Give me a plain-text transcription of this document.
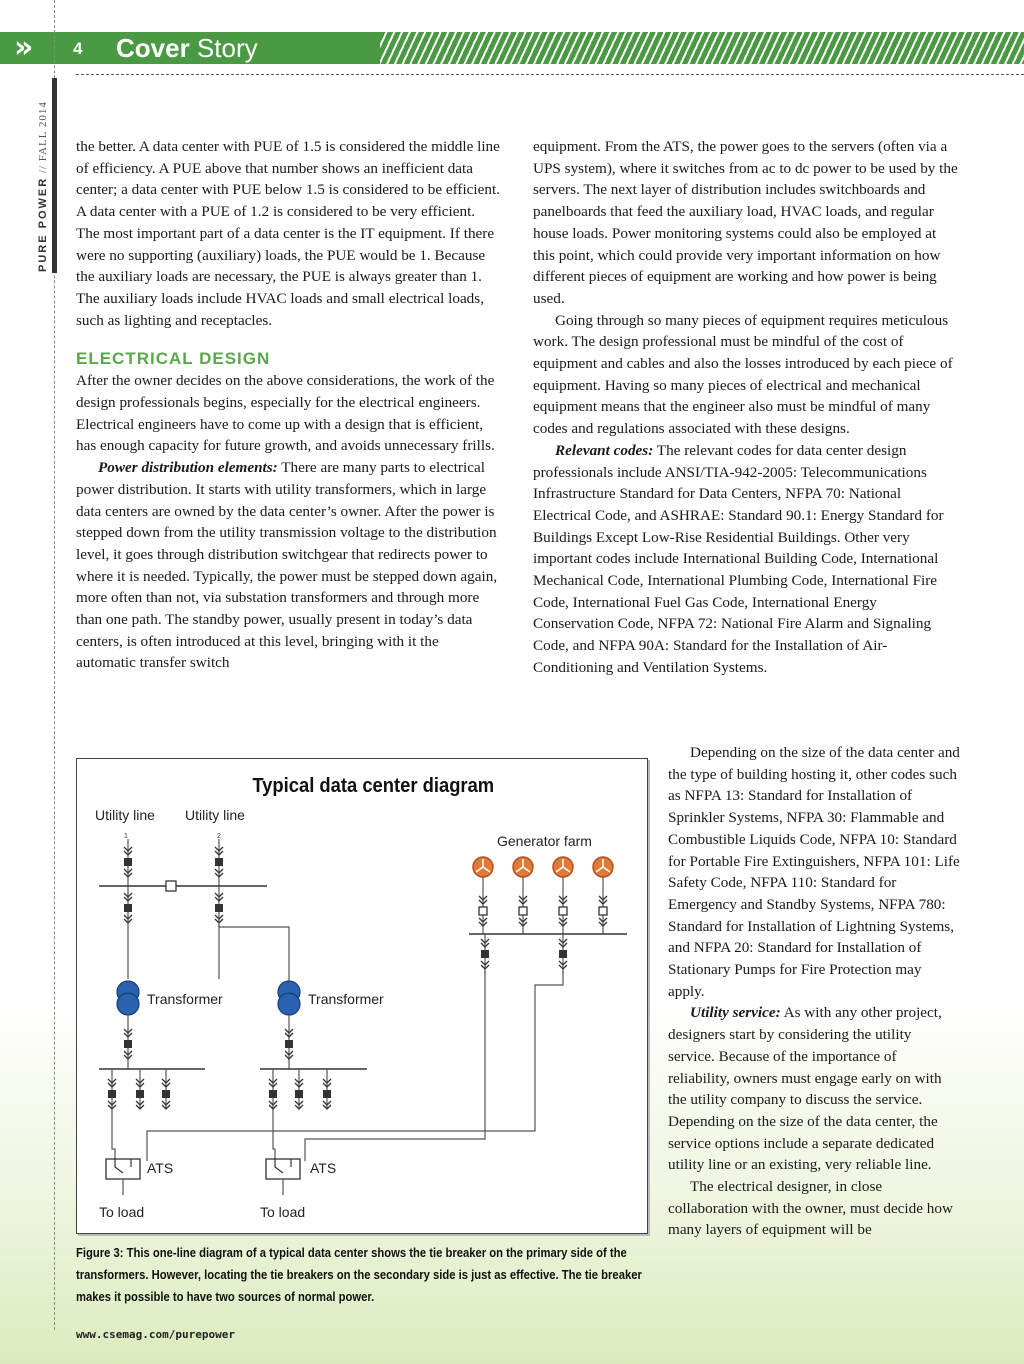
»	4 Cover Story
PURE POWER // FALL 2014 the better. A data center with PUE of 1.5 is considered the middle line of efficiency. A PUE above that number shows an inefficient data center; a data center with PUE below 1.5 is considered to be efficient. A data center with a PUE of 1.2 is considered to be very efficient. The most important part of a data center is the IT equipment. If there were no supporting (auxiliary) loads, the PUE would be 1. Because the auxiliary loads are necessary, the PUE is always greater than 1. The auxiliary loads include HVAC loads and small electrical loads, such as lighting and receptacles.

ELECTRICAL DESIGN

After the owner decides on the above considerations, the work of the design professionals begins, especially for the electrical engineers. Electrical engineers have to come up with a design that is efficient, has enough capacity for future growth, and avoids unnecessary frills.

Power distribution elements: There are many parts to electrical power distribution. It starts with utility transformers, which in large data centers are owned by the data center’s owner. After the power is stepped down from the utility transmission voltage to the distribution level, it goes through distribution switchgear that redirects power to where it is needed. Typically, the power must be stepped down again, more often than not, via substation transformers and through more than one path. The standby power, usually present in today’s data centers, is often introduced at this level, bringing with it the automatic transfer switch

equipment. From the ATS, the power goes to the servers (often via a UPS system), where it switches from ac to dc power to be used by the servers. The next layer of distribution includes switchboards and panelboards that feed the auxiliary load, HVAC loads, and regular house loads. Power monitoring systems could also be employed at this point, which could provide very important information on how different pieces of equipment are working and how power is being used.

Going through so many pieces of equipment requires meticulous work. The design professional must be mindful of the cost of equipment and cables and also the losses introduced by each piece of equipment. Having so many pieces of electrical and mechanical equipment means that the engineer also must be mindful of many codes and regulations associated with these designs.

Relevant codes: The relevant codes for data center design professionals include ANSI/TIA-942-2005: Telecommunications Infrastructure Standard for Data Centers, NFPA 70: National Electrical Code, and ASHRAE: Standard 90.1: Energy Standard for Buildings Except Low-Rise Residential Buildings. Other very important codes include International Building Code, International Mechanical Code, International Plumbing Code, International Fire Code, International Fuel Gas Code, International Energy Conservation Code, NFPA 72: National Fire Alarm and Signaling Code, and NFPA 90A: Standard for the Installation of Air-Conditioning and Ventilation Systems.

Depending on the size of the data center and the type of building hosting it, other codes such as NFPA 13: Standard for Installation of Sprinkler Systems, NFPA 30: Flammable and Combustible Liquids Code, NFPA 10: Standard for Portable Fire Extinguishers, NFPA 101: Life Safety Code, NFPA 110: Standard for Emergency and Standby Systems, NFPA 780: Standard for Installation of Lightning Systems, and NFPA 20: Standard for Installation of Stationary Pumps for Fire Protection may apply.

Utility service: As with any other project, designers start by considering the utility service. Because of the importance of reliability, owners must engage early on with the utility company to discuss the service. Depending on the size of the data center, the service options include a separate dedicated utility line or an existing, very reliable line.

The electrical designer, in close collaboration with the owner, must decide how many layers of equipment will be

Typical data center diagram
Utility line Utility line
1	2	Generator farm
Transformer	Transformer
ATS	ATS
To load	To load
Figure 3: This one-line diagram of a typical data center shows the tie breaker on the primary side of the transformers. However, locating the tie breakers on the secondary side is just as effective. The tie breaker makes it possible to have two sources of normal power.
www.csemag.com/purepower
